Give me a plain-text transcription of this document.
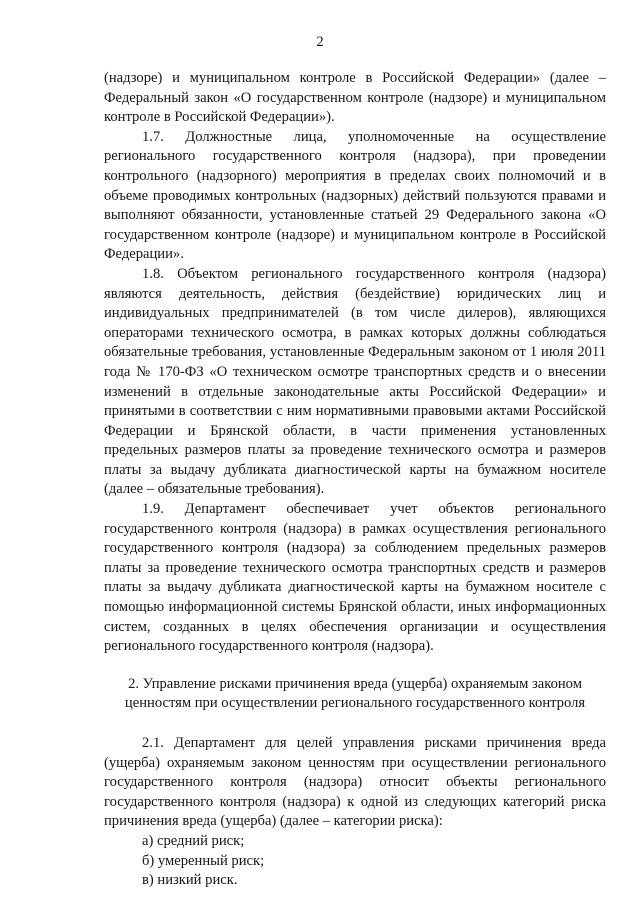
2

(надзоре) и муниципальном контроле в Российской Федерации» (далее – Федеральный закон «О государственном контроле (надзоре) и муниципальном контроле в Российской Федерации»).

1.7. Должностные лица, уполномоченные на осуществление регионального государственного контроля (надзора), при проведении контрольного (надзорного) мероприятия в пределах своих полномочий и в объеме проводимых контрольных (надзорных) действий пользуются правами и выполняют обязанности, установленные статьей 29 Федерального закона «О государственном контроле (надзоре) и муниципальном контроле в Российской Федерации».

1.8. Объектом регионального государственного контроля (надзора) являются деятельность, действия (бездействие) юридических лиц и индивидуальных предпринимателей (в том числе дилеров), являющихся операторами технического осмотра, в рамках которых должны соблюдаться обязательные требования, установленные Федеральным законом от 1 июля 2011 года № 170-ФЗ «О техническом осмотре транспортных средств и о внесении изменений в отдельные законодательные акты Российской Федерации» и принятыми в соответствии с ним нормативными правовыми актами Российской Федерации и Брянской области, в части применения установленных предельных размеров платы за проведение технического осмотра и размеров платы за выдачу дубликата диагностической карты на бумажном носителе (далее – обязательные требования).

1.9. Департамент обеспечивает учет объектов регионального государственного контроля (надзора) в рамках осуществления регионального государственного контроля (надзора) за соблюдением предельных размеров платы за проведение технического осмотра транспортных средств и размеров платы за выдачу дубликата диагностической карты на бумажном носителе с помощью информационной системы Брянской области, иных информационных систем, созданных в целях обеспечения организации и осуществления регионального государственного контроля (надзора).

2. Управление рисками причинения вреда (ущерба) охраняемым законом ценностям при осуществлении регионального государственного контроля

2.1. Департамент для целей управления рисками причинения вреда (ущерба) охраняемым законом ценностям при осуществлении регионального государственного контроля (надзора) относит объекты регионального государственного контроля (надзора) к одной из следующих категорий риска причинения вреда (ущерба) (далее – категории риска):

а) средний риск;

б) умеренный риск;

в) низкий риск.
